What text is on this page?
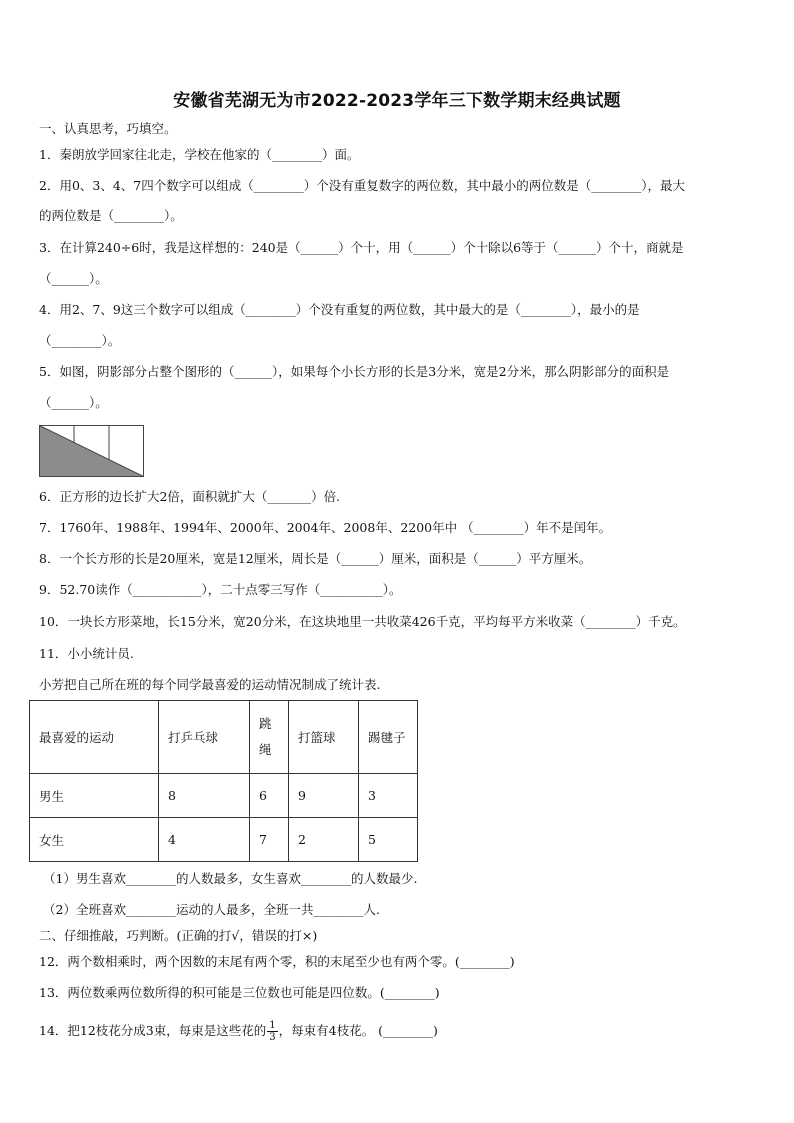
安徽省芜湖无为市2022-2023学年三下数学期末经典试题
一、认真思考，巧填空。
1．秦朗放学回家往北走，学校在他家的（________）面。
2．用0、3、4、7四个数字可以组成（________）个没有重复数字的两位数，其中最小的两位数是（________），最大
的两位数是（________）。
3．在计算240÷6时，我是这样想的：240是（______）个十，用（______）个十除以6等于（______）个十，商就是
（______）。
4．用2、7、9这三个数字可以组成（________）个没有重复的两位数，其中最大的是（________），最小的是
（________）。
5．如图，阴影部分占整个图形的（______），如果每个小长方形的长是3分米，宽是2分米，那么阴影部分的面积是
（______）。
6．正方形的边长扩大2倍，面积就扩大（_______）倍.
7．1760年、1988年、1994年、2000年、2004年、2008年、2200年中 （________）年不是闰年。
8．一个长方形的长是20厘米，宽是12厘米，周长是（______）厘米，面积是（______）平方厘米。
9．52.70读作（___________），二十点零三写作（__________）。
10．一块长方形菜地，长15分米，宽20分米，在这块地里一共收菜426千克，平均每平方米收菜（________）千克。
11．小小统计员.
小芳把自己所在班的每个同学最喜爱的运动情况制成了统计表.
最喜爱的运动	打乒乓球	跳绳	打篮球	踢毽子
男生	8	6	9	3
女生	4	7	2	5
（1）男生喜欢________的人数最多，女生喜欢________的人数最少.
（2）全班喜欢________运动的人最多，全班一共________人.
二、仔细推敲，巧判断。(正确的打√，错误的打×)
12．两个数相乘时，两个因数的末尾有两个零，积的末尾至少也有两个零。(________)
13．两位数乘两位数所得的积可能是三位数也可能是四位数。(________)
14．把12枝花分成3束，每束是这些花的 $\frac{1}{3}$ ，每束有4枝花。 (________)
